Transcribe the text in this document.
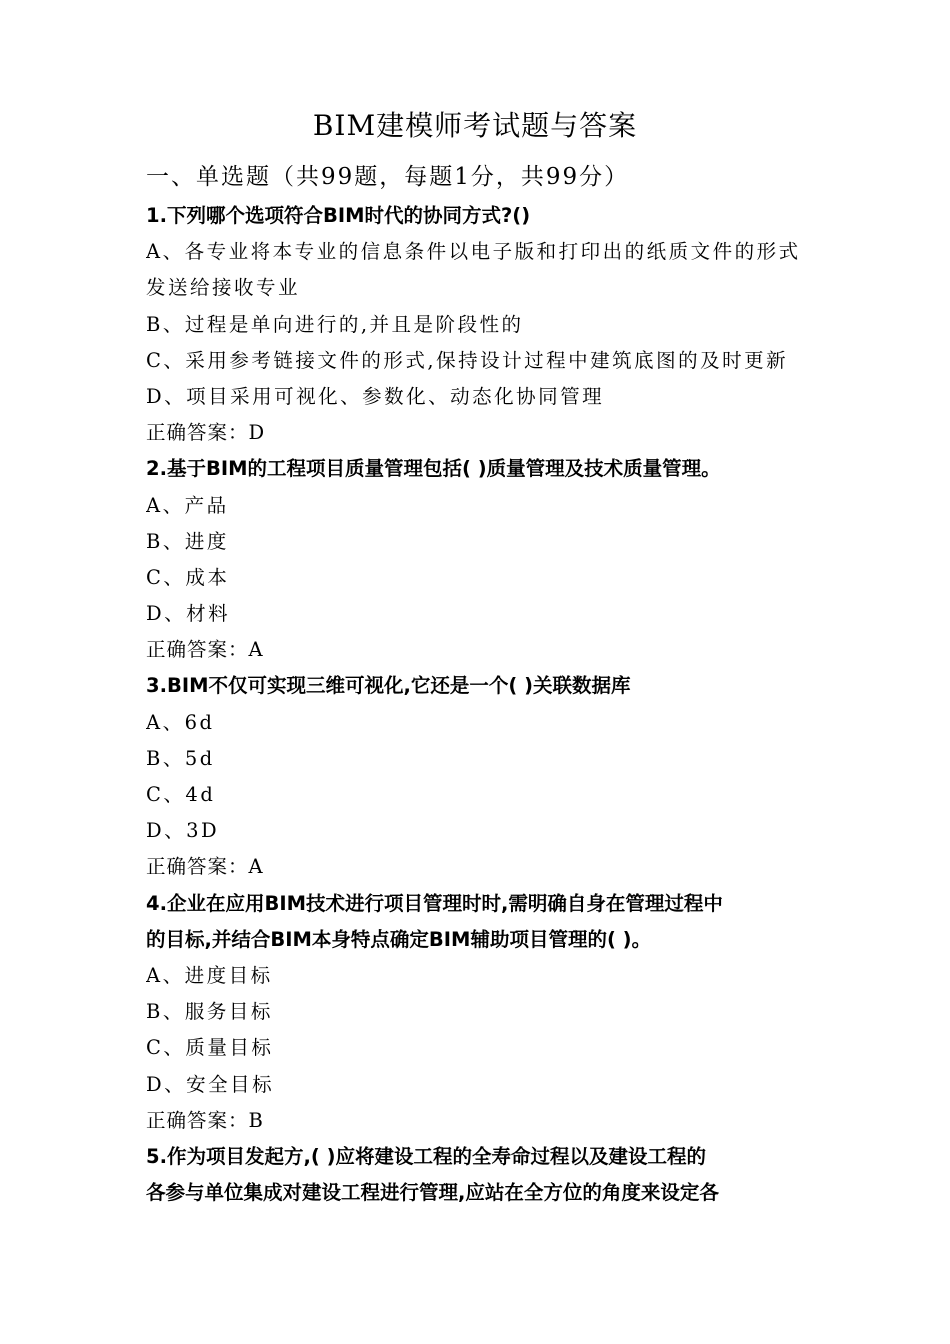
BIM建模师考试题与答案
一、单选题（共99题，每题1分，共99分）
1.下列哪个选项符合BIM时代的协同方式?()
A、各专业将本专业的信息条件以电子版和打印出的纸质文件的形式
发送给接收专业
B、过程是单向进行的,并且是阶段性的
C、采用参考链接文件的形式,保持设计过程中建筑底图的及时更新
D、项目采用可视化、参数化、动态化协同管理
正确答案：D
2.基于BIM的工程项目质量管理包括( )质量管理及技术质量管理。
A、产品
B、进度
C、成本
D、材料
正确答案：A
3.BIM不仅可实现三维可视化,它还是一个( )关联数据库
A、6d
B、5d
C、4d
D、3D
正确答案：A
4.企业在应用BIM技术进行项目管理时时,需明确自身在管理过程中
的目标,并结合BIM本身特点确定BIM辅助项目管理的( )。
A、进度目标
B、服务目标
C、质量目标
D、安全目标
正确答案：B
5.作为项目发起方,( )应将建设工程的全寿命过程以及建设工程的
各参与单位集成对建设工程进行管理,应站在全方位的角度来设定各
